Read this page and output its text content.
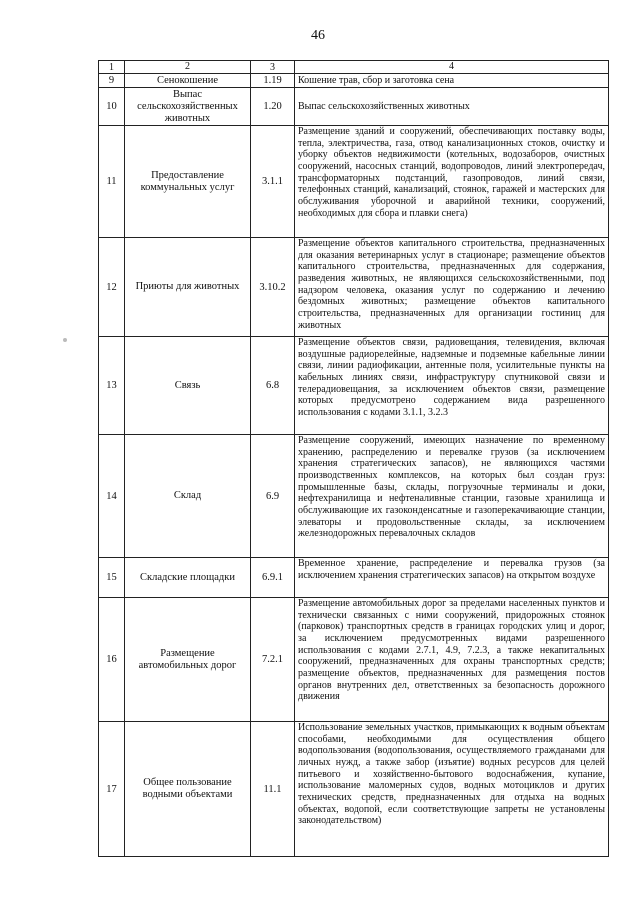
46
1	2	3	4
9	Сенокошение	1.19	Кошение трав, сбор и заготовка сена
10	Выпас сельскохозяйственных животных	1.20	Выпас сельскохозяйственных животных
11	Предоставление коммунальных услуг	3.1.1	Размещение зданий и сооружений, обеспечивающих поставку воды, тепла, электричества, газа, отвод канализационных стоков, очистку и уборку объектов недвижимости (котельных, водозаборов, очистных сооружений, насосных станций, водопроводов, линий электропередач, трансформаторных подстанций, газопроводов, линий связи, телефонных станций, канализаций, стоянок, гаражей и мастерских для обслуживания уборочной и аварийной техники, сооружений, необходимых для сбора и плавки снега)
12	Приюты для животных	3.10.2	Размещение объектов капитального строительства, предназначенных для оказания ветеринарных услуг в стационаре; размещение объектов капитального строительства, предназначенных для содержания, разведения животных, не являющихся сельскохозяйственными, под надзором человека, оказания услуг по содержанию и лечению бездомных животных; размещение объектов капитального строительства, предназначенных для организации гостиниц для животных
13	Связь	6.8	Размещение объектов связи, радиовещания, телевидения, включая воздушные радиорелейные, надземные и подземные кабельные линии связи, линии радиофикации, антенные поля, усилительные пункты на кабельных линиях связи, инфраструктуру спутниковой связи и телерадиовещания, за исключением объектов связи, размещение которых предусмотрено содержанием вида разрешенного использования с кодами 3.1.1, 3.2.3
14	Склад	6.9	Размещение сооружений, имеющих назначение по временному хранению, распределению и перевалке грузов (за исключением хранения стратегических запасов), не являющихся частями производственных комплексов, на которых был создан груз: промышленные базы, склады, погрузочные терминалы и доки, нефтехранилища и нефтеналивные станции, газовые хранилища и обслуживающие их газоконденсатные и газоперекачивающие станции, элеваторы и продовольственные склады, за исключением железнодорожных перевалочных складов
15	Складские площадки	6.9.1	Временное хранение, распределение и перевалка грузов (за исключением хранения стратегических запасов) на открытом воздухе
16	Размещение автомобильных дорог	7.2.1	Размещение автомобильных дорог за пределами населенных пунктов и технически связанных с ними сооружений, придорожных стоянок (парковок) транспортных средств в границах городских улиц и дорог, за исключением предусмотренных видами разрешенного использования с кодами 2.7.1, 4.9, 7.2.3, а также некапитальных сооружений, предназначенных для охраны транспортных средств; размещение объектов, предназначенных для размещения постов органов внутренних дел, ответственных за безопасность дорожного движения
17	Общее пользование водными объектами	11.1	Использование земельных участков, примыкающих к водным объектам способами, необходимыми для осуществления общего водопользования (водопользования, осуществляемого гражданами для личных нужд, а также забор (изъятие) водных ресурсов для целей питьевого и хозяйственно-бытового водоснабжения, купание, использование маломерных судов, водных мотоциклов и других технических средств, предназначенных для отдыха на водных объектах, водопой, если соответствующие запреты не установлены законодательством)
